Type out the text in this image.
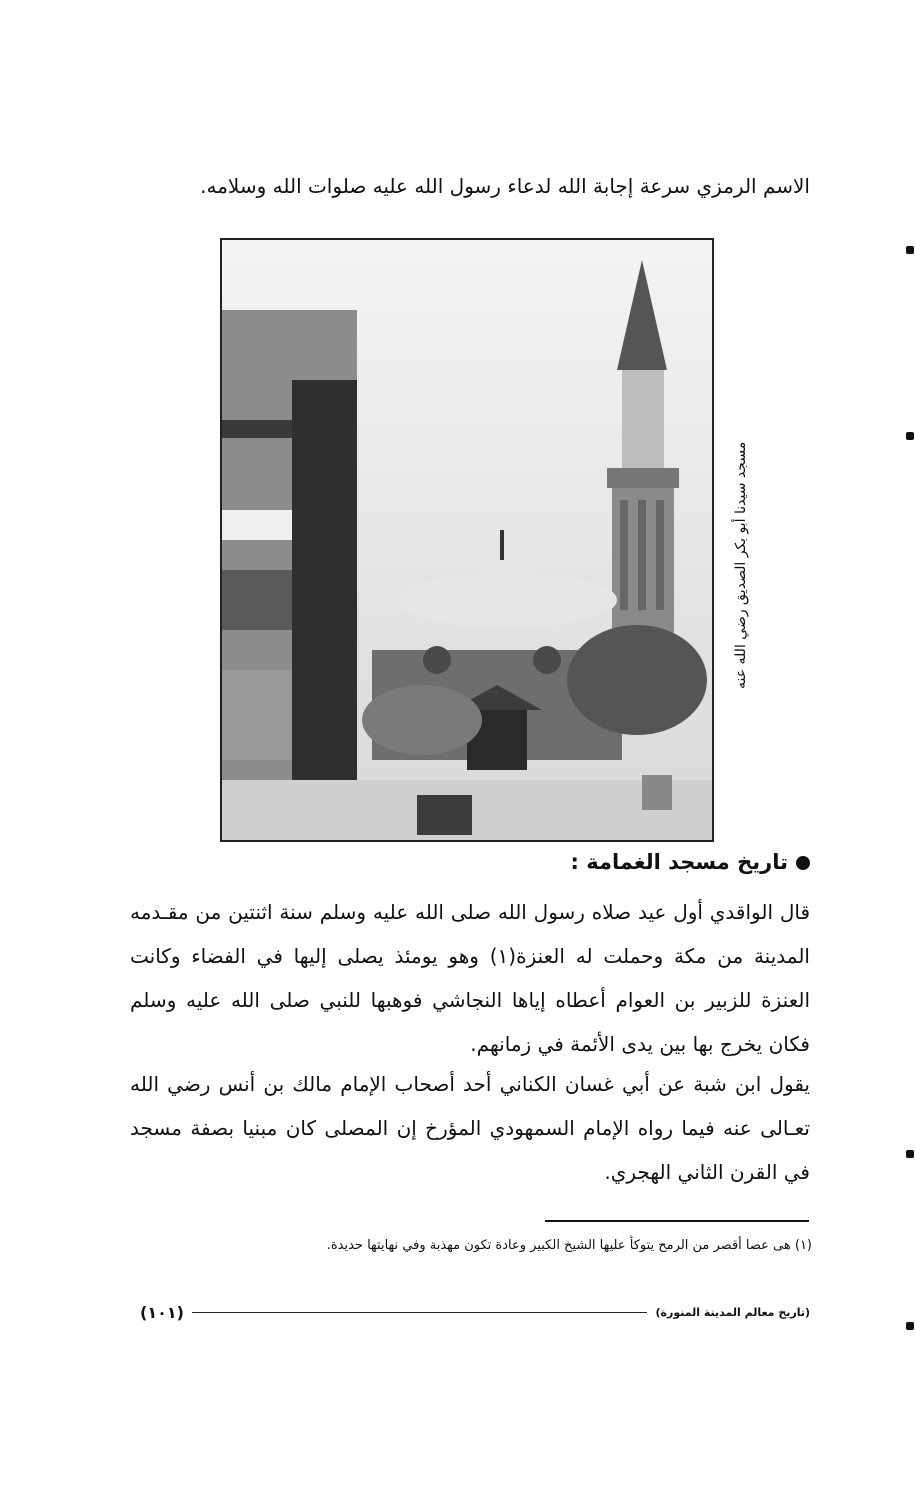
الاسم الرمزي سرعة إجابة الله لدعاء رسول الله عليه صلوات الله وسلامه.
مسجد سيدنا أبو بكر الصديق رضي الله عنه
تاريخ مسجد الغمامة :
قال الواقدي أول عيد صلاه رسول الله صلى الله عليه وسلم سنة اثنتين من مقـدمه المدينة من مكة وحملت له العنزة(١) وهو يومئذ يصلى إليها في الفضاء وكانت العنزة للزبير بن العوام أعطاه إياها النجاشي فوهبها للنبي صلى الله عليه وسلم فكان يخرج بها بين يدى الأئمة في زمانهم.
يقول ابن شبة عن أبي غسان الكناني أحد أصحاب الإمام مالك بن أنس رضي الله تعـالى عنه فيما رواه الإمام السمهودي المؤرخ إن المصلى كان مبنيا بصفة مسجد في القرن الثاني الهجري.
(١) هى عصا أقصر من الرمح يتوكأ عليها الشيخ الكبير وعادة تكون مهذبة وفي نهايتها حديدة.
(تاريخ معالم المدينة المنورة)
(١٠١)
